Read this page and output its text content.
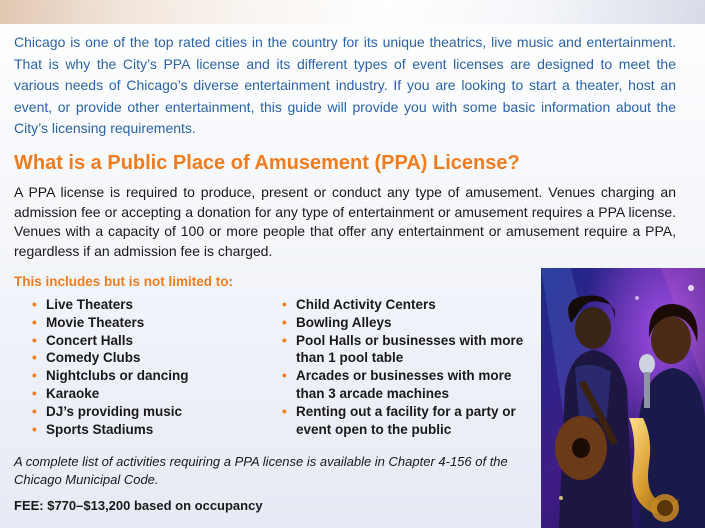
Chicago is one of the top rated cities in the country for its unique theatrics, live music and entertainment. That is why the City’s PPA license and its different types of event licenses are designed to meet the various needs of Chicago’s diverse entertainment industry. If you are looking to start a theater, host an event, or provide other entertainment, this guide will provide you with some basic information about the City’s licensing requirements.

What is a Public Place of Amusement (PPA) License?

A PPA license is required to produce, present or conduct any type of amusement. Venues charging an admission fee or accepting a donation for any type of entertainment or amusement requires a PPA license. Venues with a capacity of 100 or more people that offer any entertainment or amusement require a PPA, regardless if an admission fee is charged.

This includes but is not limited to:
• Live Theaters
• Movie Theaters
• Concert Halls
• Comedy Clubs
• Nightclubs or dancing
• Karaoke
• DJ’s providing music
• Sports Stadiums
• Child Activity Centers
• Bowling Alleys
• Pool Halls or businesses with more than 1 pool table
• Arcades or businesses with more than 3 arcade machines
• Renting out a facility for a party or event open to the public

A complete list of activities requiring a PPA license is available in Chapter 4-156 of the Chicago Municipal Code.

FEE: $770–$13,200 based on occupancy
